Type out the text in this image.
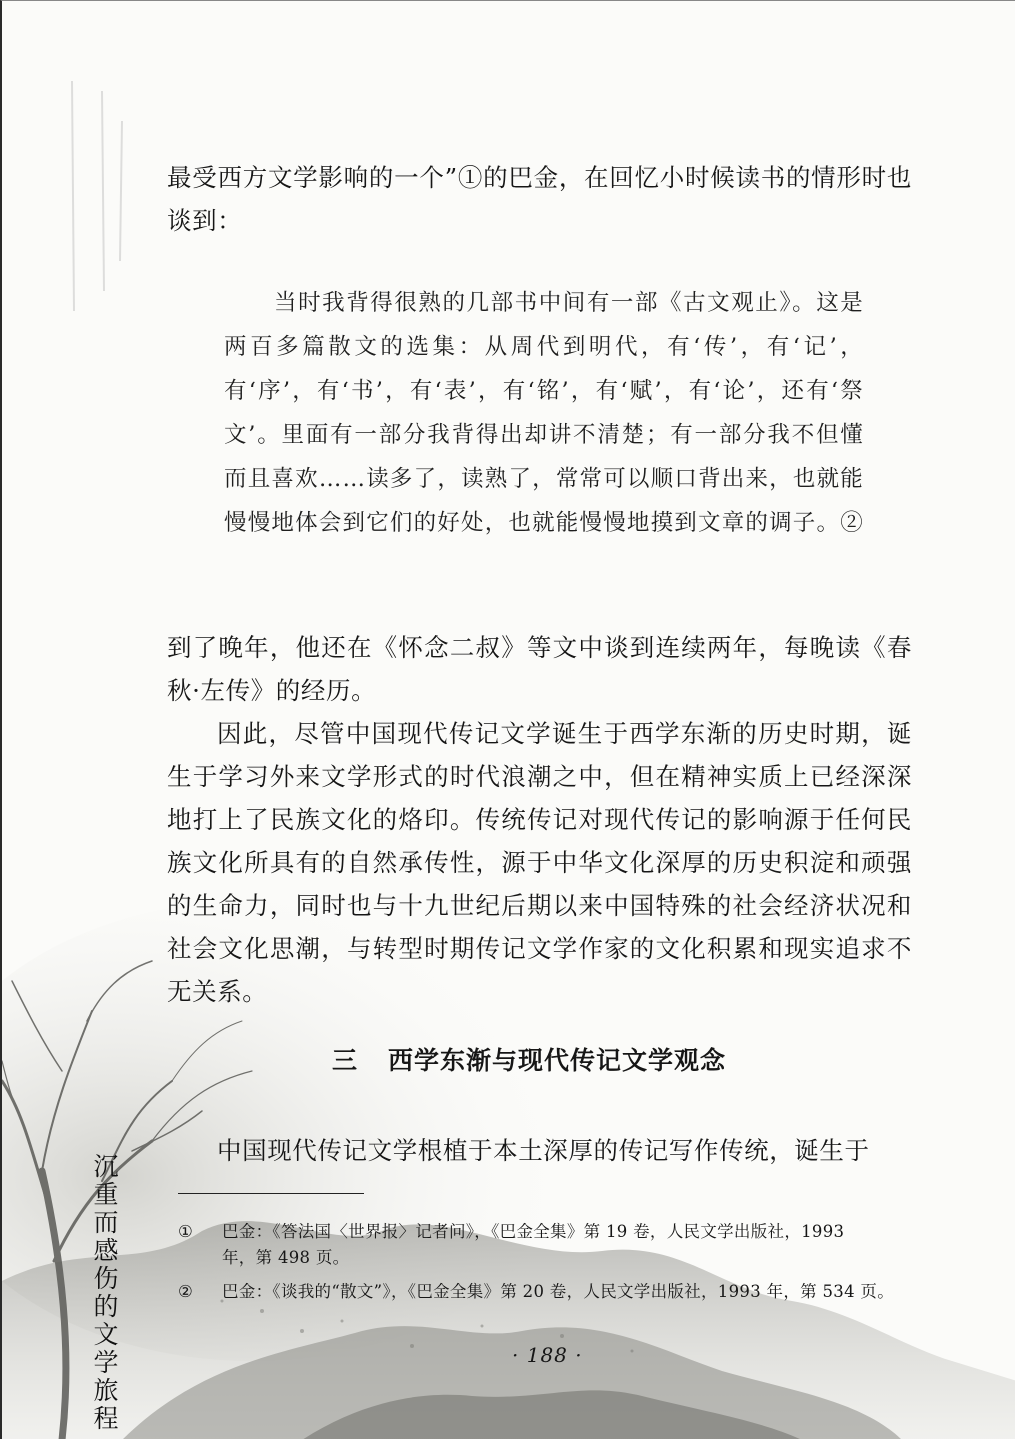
最受西方文学影响的一个”①的巴金，在回忆小时候读书的情形时也谈到：

当时我背得很熟的几部书中间有一部《古文观止》。这是两百多篇散文的选集：从周代到明代，有‘传’，有‘记’，有‘序’，有‘书’，有‘表’，有‘铭’，有‘赋’，有‘论’，还有‘祭文’。里面有一部分我背得出却讲不清楚；有一部分我不但懂而且喜欢……读多了，读熟了，常常可以顺口背出来，也就能慢慢地体会到它们的好处，也就能慢慢地摸到文章的调子。②

到了晚年，他还在《怀念二叔》等文中谈到连续两年，每晚读《春秋·左传》的经历。

因此，尽管中国现代传记文学诞生于西学东渐的历史时期，诞生于学习外来文学形式的时代浪潮之中，但在精神实质上已经深深地打上了民族文化的烙印。传统传记对现代传记的影响源于任何民族文化所具有的自然承传性，源于中华文化深厚的历史积淀和顽强的生命力，同时也与十九世纪后期以来中国特殊的社会经济状况和社会文化思潮，与转型时期传记文学作家的文化积累和现实追求不无关系。

三 西学东渐与现代传记文学观念

中国现代传记文学根植于本土深厚的传记写作传统，诞生于

① 巴金：《答法国〈世界报〉记者问》，《巴金全集》第 19 卷，人民文学出版社，1993
年，第 498 页。

② 巴金：《谈我的“散文”》，《巴金全集》第 20 卷，人民文学出版社，1993 年，第 534 页。

· 188 ·
沉重而感伤的文学旅程
